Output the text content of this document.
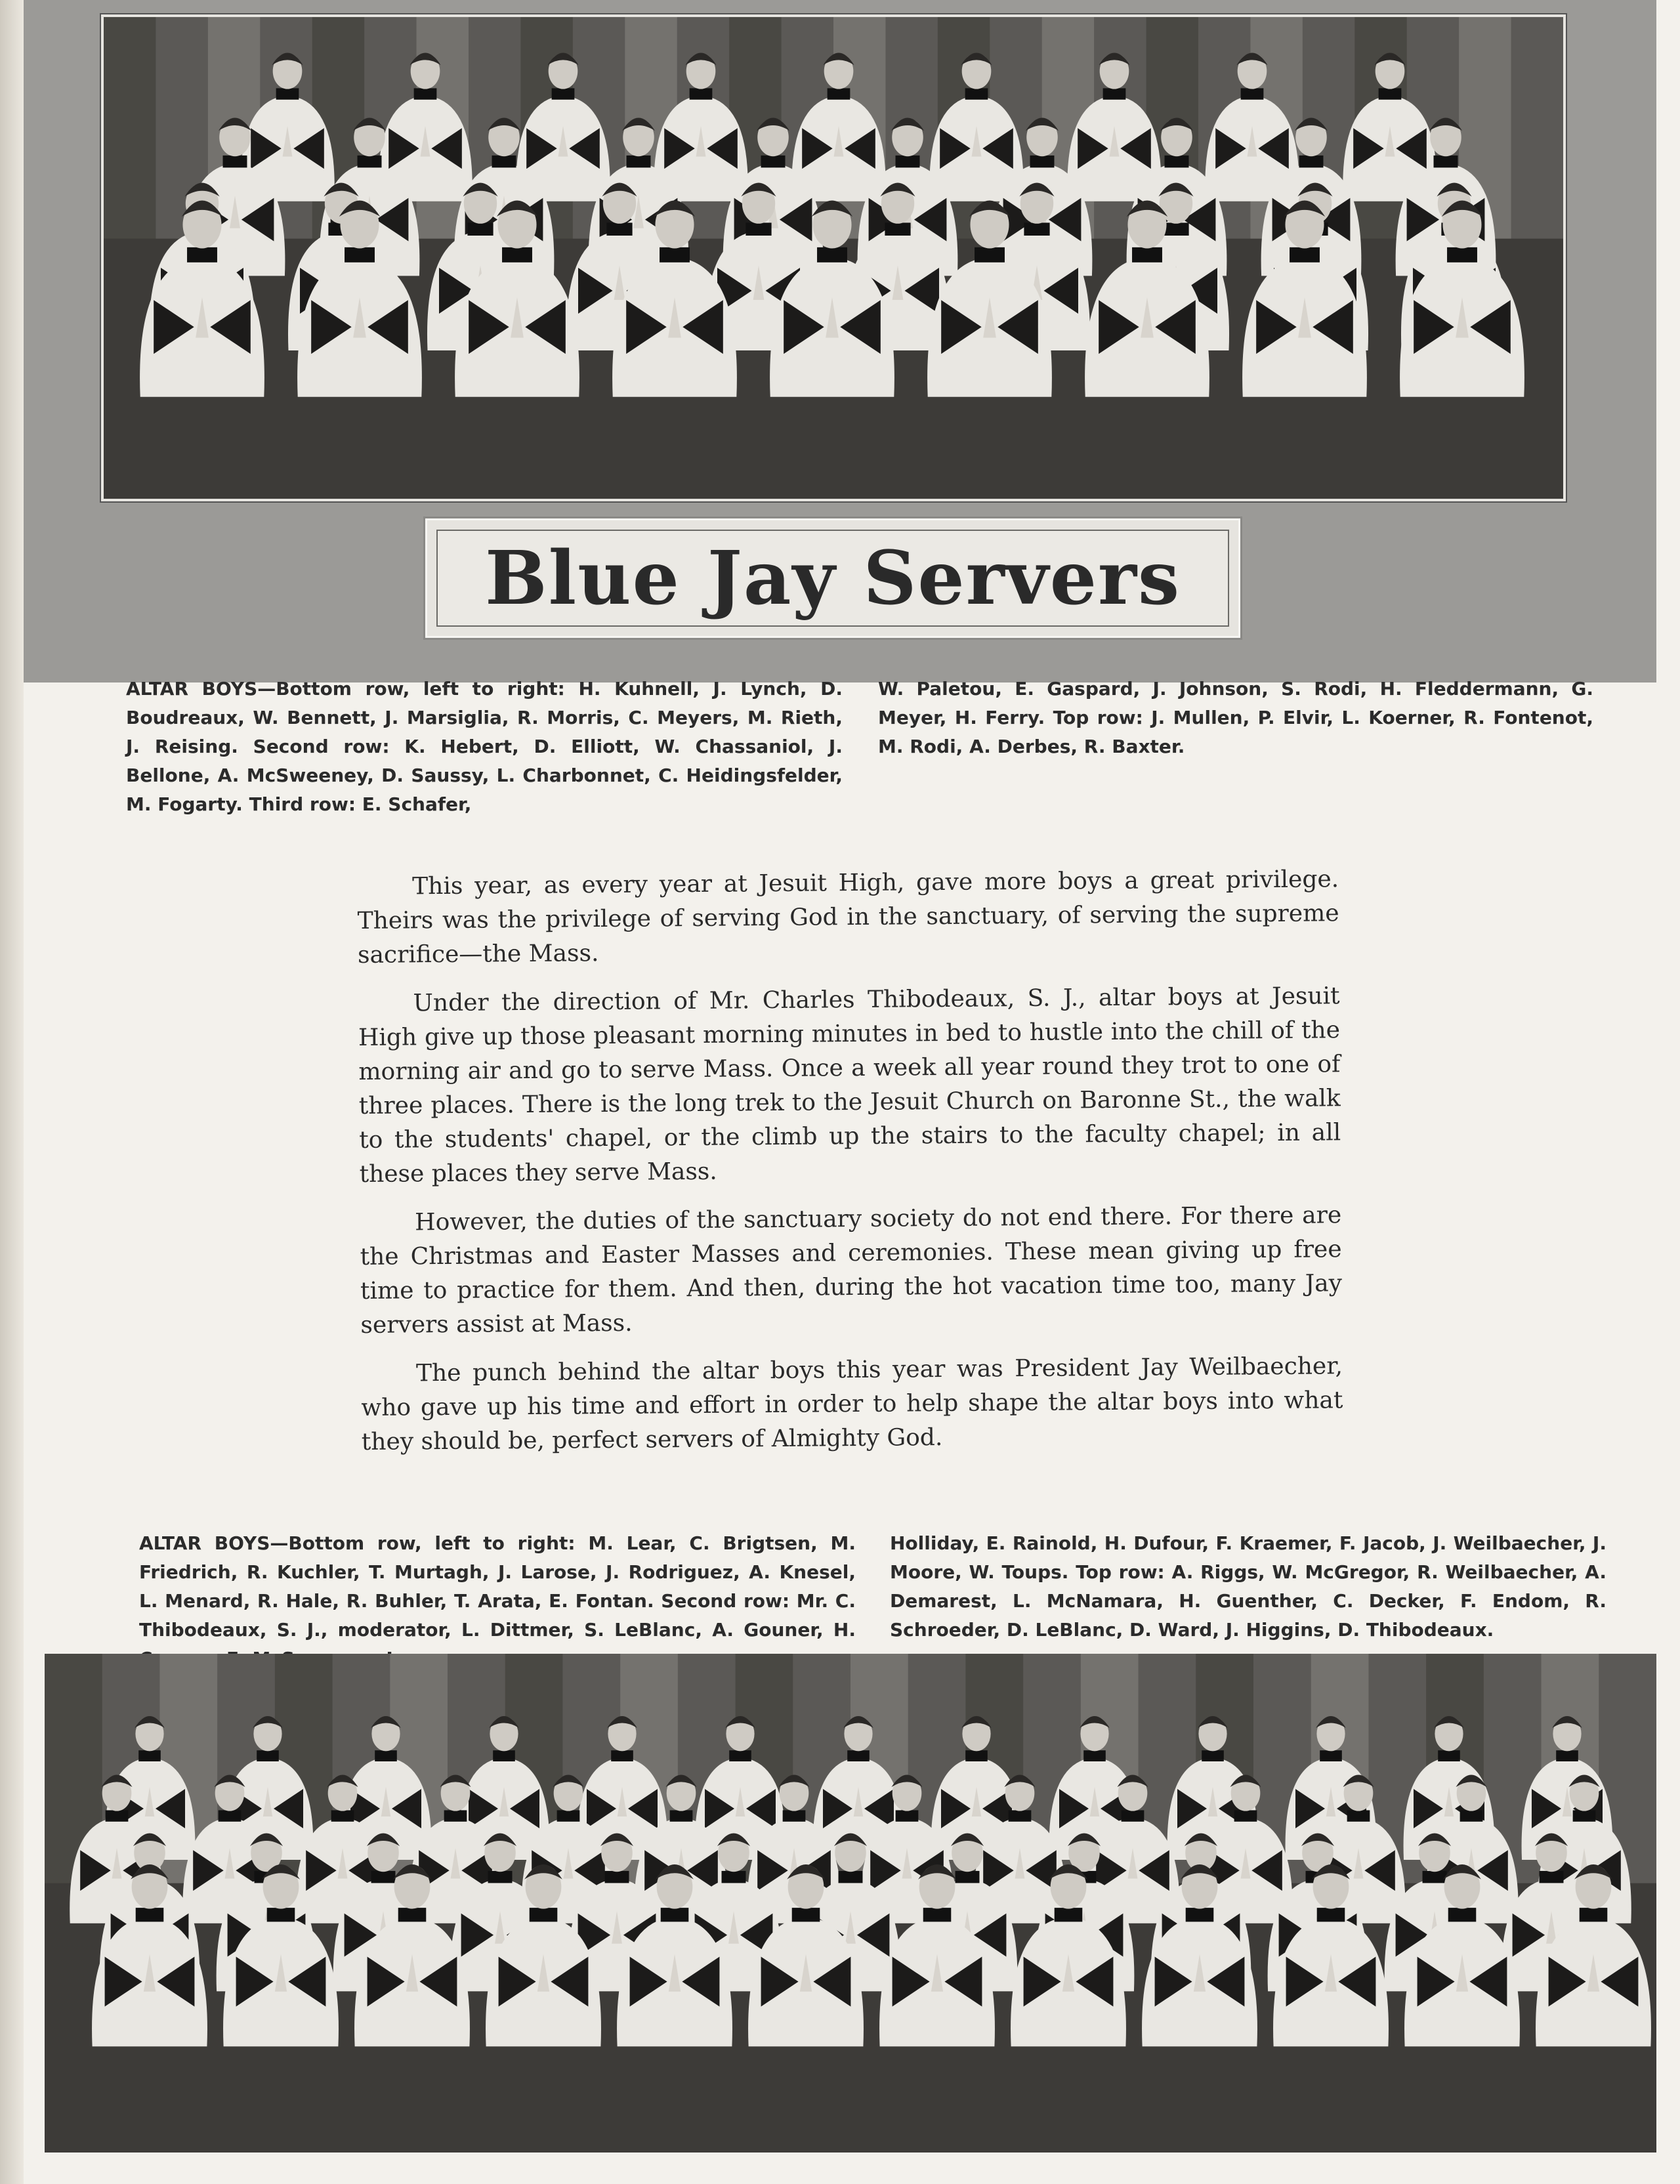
Blue Jay Servers
ALTAR BOYS—Bottom row, left to right: H. Kuhnell, J. Lynch, D. Boudreaux, W. Bennett, J. Marsiglia, R. Morris, C. Meyers, M. Rieth, J. Reising. Second row: K. Hebert, D. Elliott, W. Chassaniol, J. Bellone, A. McSweeney, D. Saussy, L. Charbonnet, C. Heidingsfelder, M. Fogarty. Third row: E. Schafer,
W. Paletou, E. Gaspard, J. Johnson, S. Rodi, H. Fleddermann, G. Meyer, H. Ferry. Top row: J. Mullen, P. Elvir, L. Koerner, R. Fontenot, M. Rodi, A. Derbes, R. Baxter.

This year, as every year at Jesuit High, gave more boys a great privilege. Theirs was the privilege of serving God in the sanctuary, of serving the supreme sacrifice—the Mass.

Under the direction of Mr. Charles Thibodeaux, S. J., altar boys at Jesuit High give up those pleasant morning minutes in bed to hustle into the chill of the morning air and go to serve Mass. Once a week all year round they trot to one of three places. There is the long trek to the Jesuit Church on Baronne St., the walk to the students' chapel, or the climb up the stairs to the faculty chapel; in all these places they serve Mass.

However, the duties of the sanctuary society do not end there. For there are the Christmas and Easter Masses and ceremonies. These mean giving up free time to practice for them. And then, during the hot vacation time too, many Jay servers assist at Mass.

The punch behind the altar boys this year was President Jay Weilbaecher, who gave up his time and effort in order to help shape the altar boys into what they should be, perfect servers of Almighty God.

ALTAR BOYS—Bottom row, left to right: M. Lear, C. Brigtsen, M. Friedrich, R. Kuchler, T. Murtagh, J. Larose, J. Rodriguez, A. Knesel, L. Menard, R. Hale, R. Buhler, T. Arata, E. Fontan. Second row: Mr. C. Thibodeaux, S. J., moderator, L. Dittmer, S. LeBlanc, A. Gouner, H.
Holliday, E. Rainold, H. Dufour, F. Kraemer, F. Jacob, J. Weilbaecher, J. Moore, W. Toups. Top row: A. Riggs, W. McGregor, R. Weilbaecher, A. Demarest, L. McNamara, H. Guenther, C. Decker, F. Endom, R. Schroeder, D. LeBlanc, D. Ward, J. Higgins, D. Thibodeaux.
